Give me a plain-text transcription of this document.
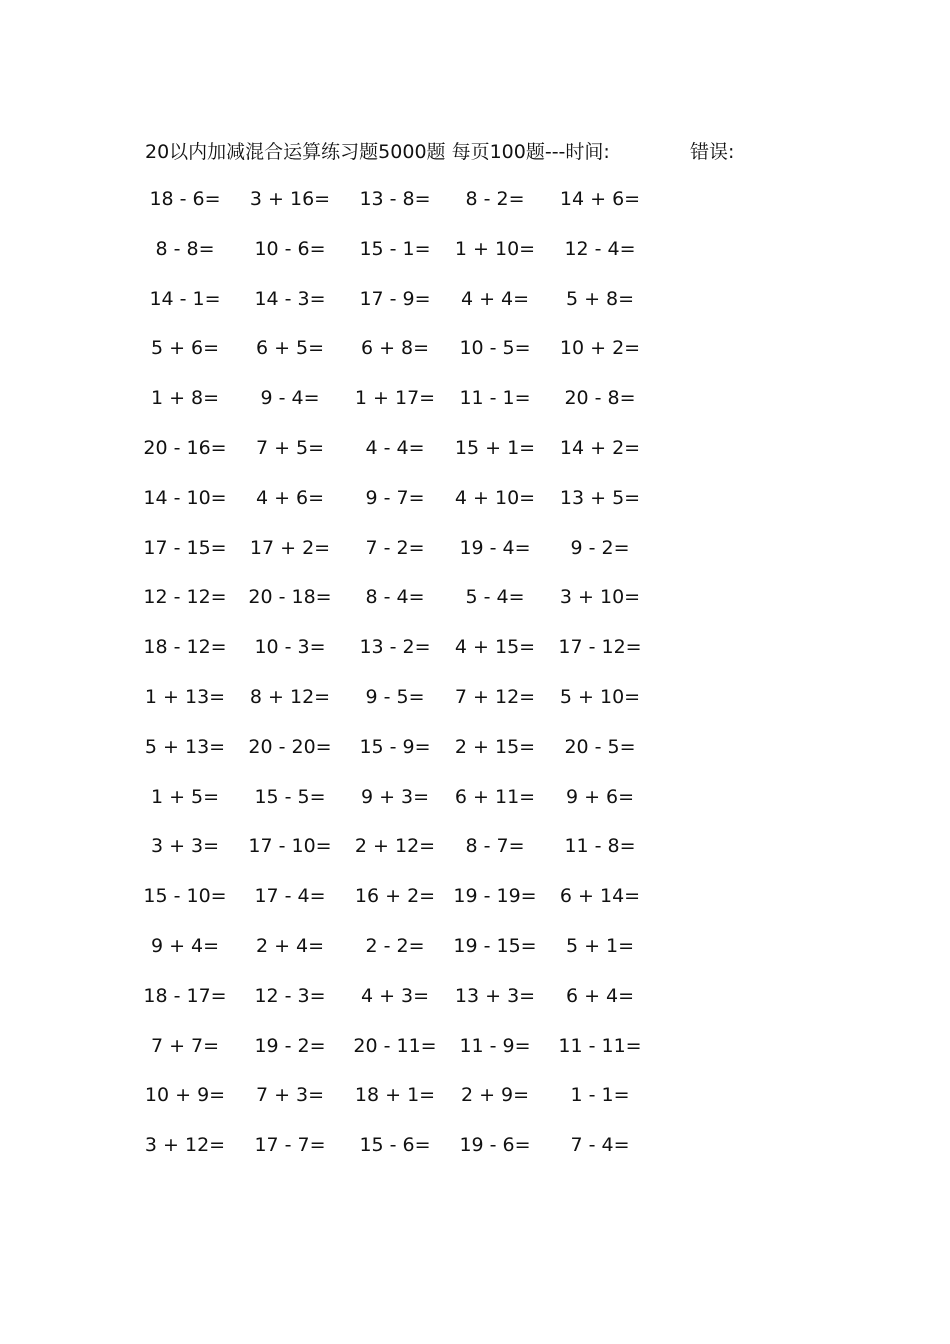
20以内加减混合运算练习题5000题 每页100题---时间:	错误:
18 - 6=	3 + 16=	13 - 8=	8 - 2=	14 + 6=
8 - 8=	10 - 6=	15 - 1=	1 + 10=	12 - 4=
14 - 1=	14 - 3=	17 - 9=	4 + 4=	5 + 8=
5 + 6=	6 + 5=	6 + 8=	10 - 5=	10 + 2=
1 + 8=	9 - 4=	1 + 17=	11 - 1=	20 - 8=
20 - 16=	7 + 5=	4 - 4=	15 + 1=	14 + 2=
14 - 10=	4 + 6=	9 - 7=	4 + 10=	13 + 5=
17 - 15=	17 + 2=	7 - 2=	19 - 4=	9 - 2=
12 - 12=	20 - 18=	8 - 4=	5 - 4=	3 + 10=
18 - 12=	10 - 3=	13 - 2=	4 + 15=	17 - 12=
1 + 13=	8 + 12=	9 - 5=	7 + 12=	5 + 10=
5 + 13=	20 - 20=	15 - 9=	2 + 15=	20 - 5=
1 + 5=	15 - 5=	9 + 3=	6 + 11=	9 + 6=
3 + 3=	17 - 10=	2 + 12=	8 - 7=	11 - 8=
15 - 10=	17 - 4=	16 + 2= 19 - 19=	6 + 14=
9 + 4=	2 + 4=	2 - 2=	19 - 15=	5 + 1=
18 - 17=	12 - 3=	4 + 3=	13 + 3=	6 + 4=
7 + 7=	19 - 2=	20 - 11=	11 - 9=	11 - 11=
10 + 9=	7 + 3=	18 + 1=	2 + 9=	1 - 1=
3 + 12=	17 - 7=	15 - 6=	19 - 6=	7 - 4=
